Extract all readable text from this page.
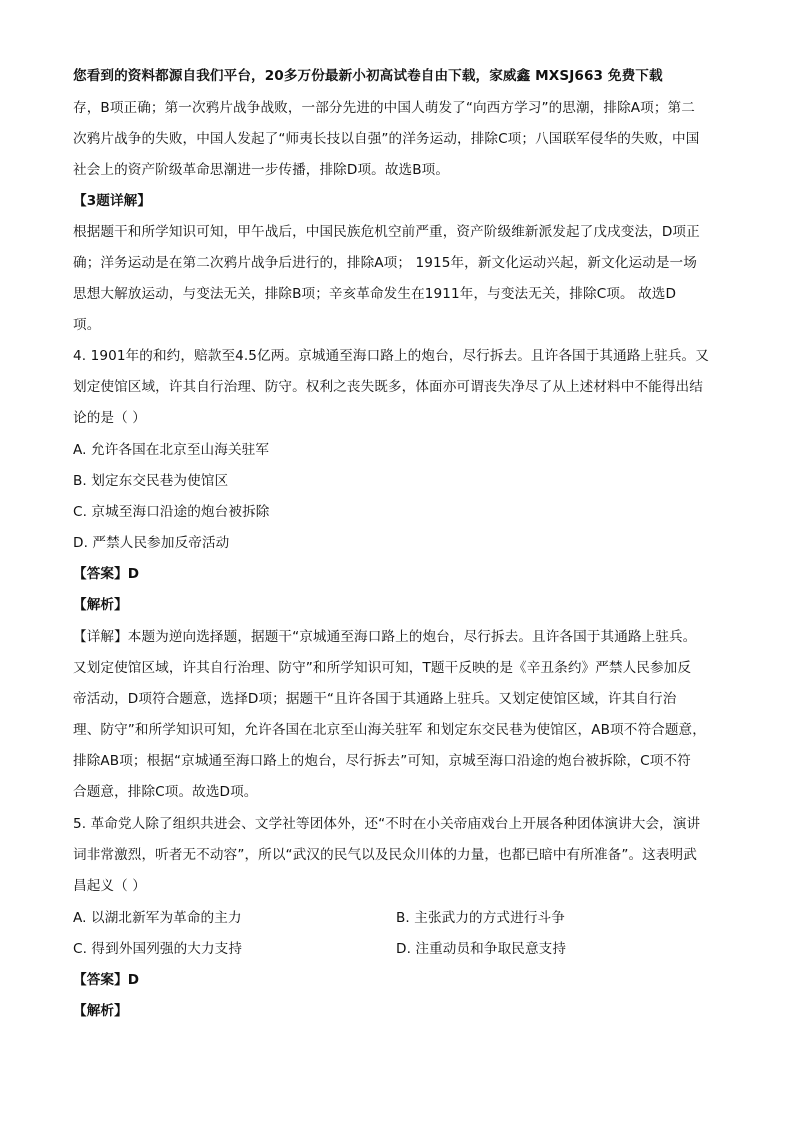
您看到的资料都源自我们平台，20多万份最新小初高试卷自由下载，家威鑫 MXSJ663 免费下载
存，B项正确；第一次鸦片战争战败，一部分先进的中国人萌发了“向西方学习”的思潮，排除A项；第二
次鸦片战争的失败，中国人发起了“师夷长技以自强”的洋务运动，排除C项；八国联军侵华的失败，中国
社会上的资产阶级革命思潮进一步传播，排除D项。故选B项。
【3题详解】
根据题干和所学知识可知，甲午战后，中国民族危机空前严重，资产阶级维新派发起了戊戌变法，D项正
确；洋务运动是在第二次鸦片战争后进行的，排除A项； 1915年，新文化运动兴起，新文化运动是一场
思想大解放运动，与变法无关，排除B项；辛亥革命发生在1911年，与变法无关，排除C项。 故选D
项。
4. 1901年的和约，赔款至4.5亿两。京城通至海口路上的炮台，尽行拆去。且许各国于其通路上驻兵。又
划定使馆区域，许其自行治理、防守。权利之丧失既多，体面亦可谓丧失净尽了从上述材料中不能得出结
论的是（ ）
A. 允许各国在北京至山海关驻军
B. 划定东交民巷为使馆区
C. 京城至海口沿途的炮台被拆除
D. 严禁人民参加反帝活动
【答案】D
【解析】
【详解】本题为逆向选择题，据题干“京城通至海口路上的炮台，尽行拆去。且许各国于其通路上驻兵。
又划定使馆区域，许其自行治理、防守”和所学知识可知，T题干反映的是《辛丑条约》严禁人民参加反
帝活动，D项符合题意，选择D项；据题干“且许各国于其通路上驻兵。又划定使馆区域，许其自行治
理、防守”和所学知识可知，允许各国在北京至山海关驻军 和划定东交民巷为使馆区，AB项不符合题意，
排除AB项；根据“京城通至海口路上的炮台，尽行拆去”可知，京城至海口沿途的炮台被拆除，C项不符
合题意，排除C项。故选D项。
5. 革命党人除了组织共进会、文学社等团体外，还“不时在小关帝庙戏台上开展各种团体演讲大会，演讲
词非常激烈，听者无不动容”，所以“武汉的民气以及民众川体的力量，也都已暗中有所准备”。这表明武
昌起义（ ）
A. 以湖北新军为革命的主力	B. 主张武力的方式进行斗争
C. 得到外国列强的大力支持	D. 注重动员和争取民意支持
【答案】D
【解析】
